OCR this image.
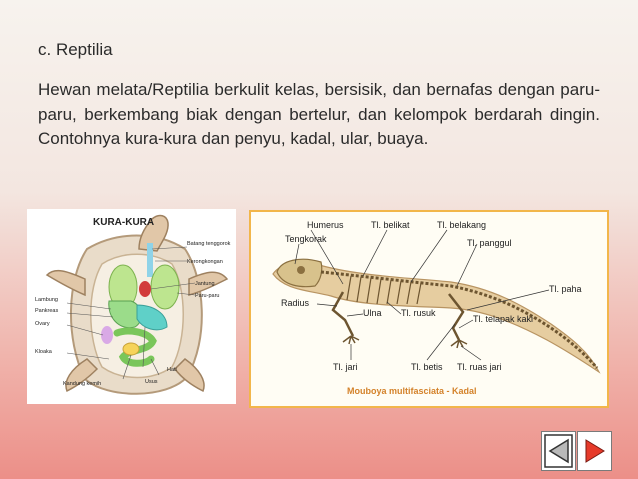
c. Reptilia
Hewan melata/Reptilia berkulit kelas, bersisik, dan bernafas dengan paru-paru, berkembang biak dengan bertelur, dan kelompok berdarah dingin. Contohnya kura-kura dan penyu, kadal, ular, buaya.
KURA-KURA
Batang tenggorok
Kerongkongan
Jantung
Paru-paru
Lambung
Pankreas
Ovary
Kloaka
Hati
Kandung kemih	Usus
Humerus	Tl. belikat	Tl. belakang
Tengkorak	Tl. panggul
Tl. paha
Radius
Ulna Tl. rusuk
Tl. telapak kaki
Tl. jari	Tl. betis Tl. ruas jari
Mouboya multifasciata - Kadal
